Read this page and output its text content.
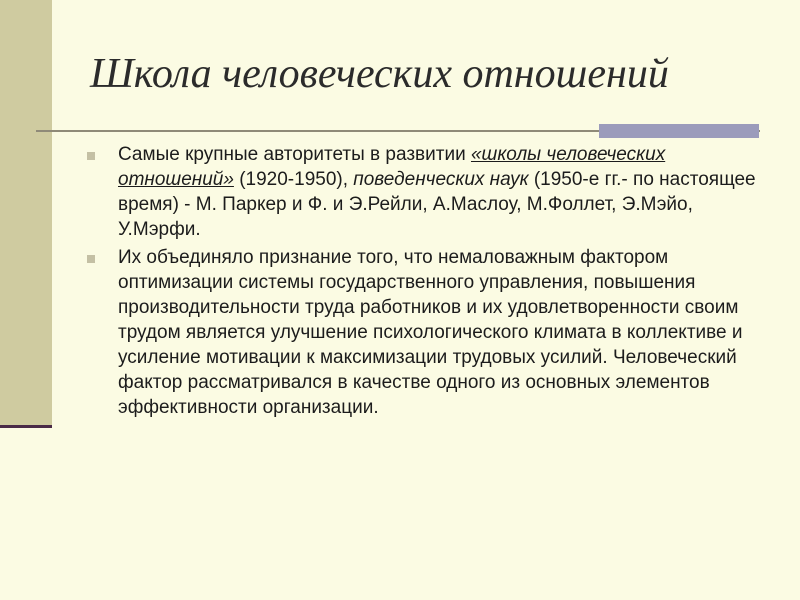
Школа человеческих отношений
Самые крупные авторитеты в развитии «школы человеческих отношений» (1920-1950), поведенческих наук (1950-е гг.- по настоящее время) - М. Паркер и Ф. и Э.Рейли, А.Маслоу, М.Фоллет, Э.Мэйо, У.Мэрфи.
Их объединяло признание того, что немаловажным фактором оптимизации системы государственного управления, повышения производительности труда работников и их удовлетворенности своим трудом является улучшение психологического климата в коллективе и усиление мотивации к максимизации трудовых усилий. Человеческий фактор рассматривался в качестве одного из основных элементов эффективности организации.
